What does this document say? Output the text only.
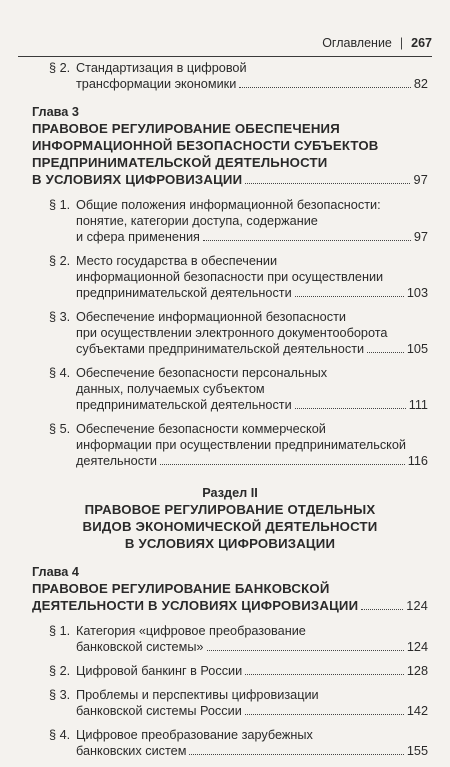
Оглавление | 267
§ 2. Стандартизация в цифровой
трансформации экономики	82
Глава 3
ПРАВОВОЕ РЕГУЛИРОВАНИЕ ОБЕСПЕЧЕНИЯ
ИНФОРМАЦИОННОЙ БЕЗОПАСНОСТИ СУБЪЕКТОВ
ПРЕДПРИНИМАТЕЛЬСКОЙ ДЕЯТЕЛЬНОСТИ
В УСЛОВИЯХ ЦИФРОВИЗАЦИИ	97
§ 1. Общие положения информационной безопасности:
понятие, категории доступа, содержание
и сфера применения	97
§ 2. Место государства в обеспечении
информационной безопасности при осуществлении
предпринимательской деятельности	103
§ 3. Обеспечение информационной безопасности
при осуществлении электронного документооборота
субъектами предпринимательской деятельности	105
§ 4. Обеспечение безопасности персональных
данных, получаемых субъектом
предпринимательской деятельности	111
§ 5. Обеспечение безопасности коммерческой
информации при осуществлении предпринимательской
деятельности	116
Раздел II
ПРАВОВОЕ РЕГУЛИРОВАНИЕ ОТДЕЛЬНЫХ
ВИДОВ ЭКОНОМИЧЕСКОЙ ДЕЯТЕЛЬНОСТИ
В УСЛОВИЯХ ЦИФРОВИЗАЦИИ
Глава 4
ПРАВОВОЕ РЕГУЛИРОВАНИЕ БАНКОВСКОЙ
ДЕЯТЕЛЬНОСТИ В УСЛОВИЯХ ЦИФРОВИЗАЦИИ	124
§ 1. Категория «цифровое преобразование
банковской системы»	124
§ 2. Цифровой банкинг в России	128
§ 3. Проблемы и перспективы цифровизации
банковской системы России	142
§ 4. Цифровое преобразование зарубежных
банковских систем	155
